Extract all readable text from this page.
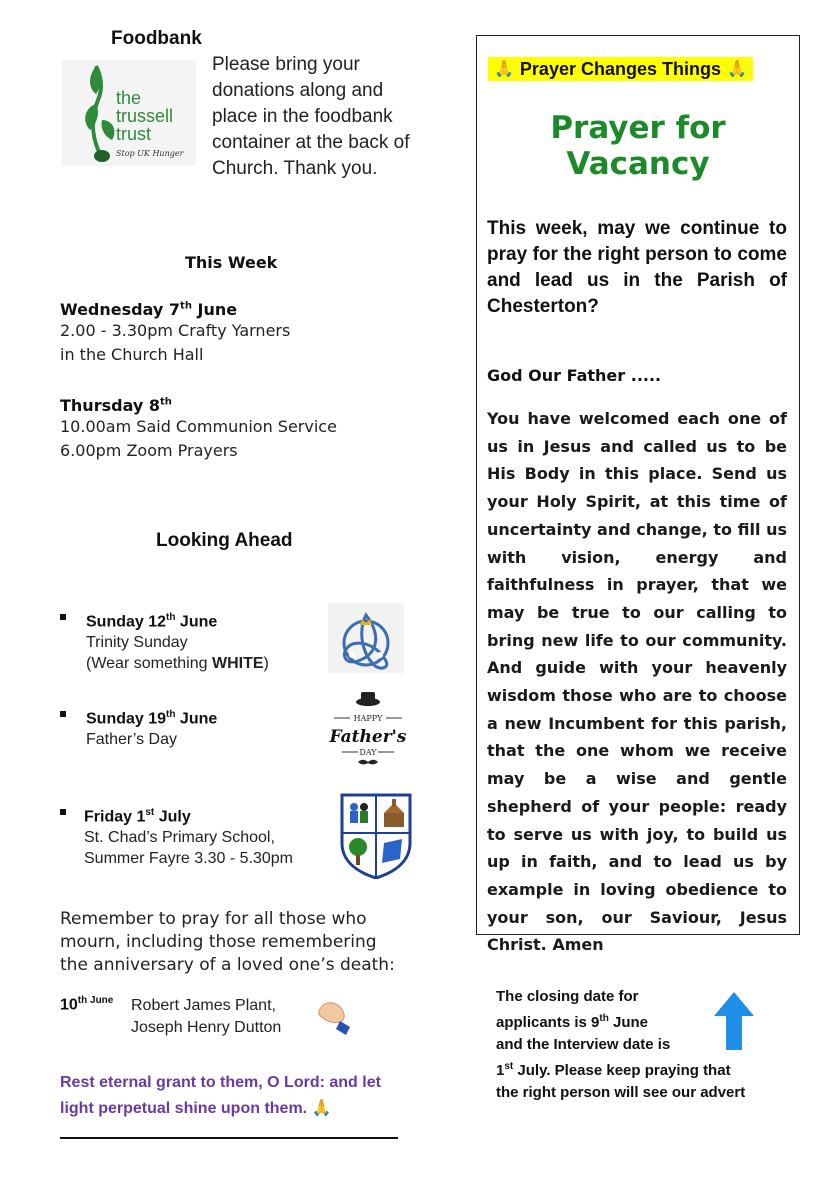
Foodbank
the
trussell
trust
Stop UK Hunger
Please bring your donations along and place in the foodbank container at the back of Church. Thank you.
This Week
Wednesday 7th June
2.00 - 3.30pm Crafty Yarners
in the Church Hall
Thursday 8th
10.00am Said Communion Service
6.00pm Zoom Prayers
Looking Ahead
Sunday 12th June
Trinity Sunday
(Wear something WHITE)
Sunday 19th June
Father’s Day
Friday 1st July
St. Chad’s Primary School,
Summer Fayre 3.30 - 5.30pm
HAPPY
Father's
DAY
Remember to pray for all those who mourn, including those remembering the anniversary of a loved one’s death:
$10^{th June}$ Robert James Plant,
Joseph Henry Dutton
Rest eternal grant to them, O Lord: and let light perpetual shine upon them. 🙏
🙏 Prayer Changes Things 🙏
Prayer for Vacancy
This week, may we continue to pray for the right person to come and lead us in the Parish of Chesterton?
God Our Father .....
You have welcomed each one of us in Jesus and called us to be His Body in this place. Send us your Holy Spirit, at this time of uncertainty and change, to fill us with vision, energy and faithfulness in prayer, that we may be true to our calling to bring new life to our community. And guide with your heavenly wisdom those who are to choose a new Incumbent for this parish, that the one whom we receive may be a wise and gentle shepherd of your people: ready to serve us with joy, to build us up in faith, and to lead us by example in loving obedience to your son, our Saviour, Jesus Christ. Amen
The closing date for
applicants is 9th June
and the Interview date is
1st July. Please keep praying that
the right person will see our advert
